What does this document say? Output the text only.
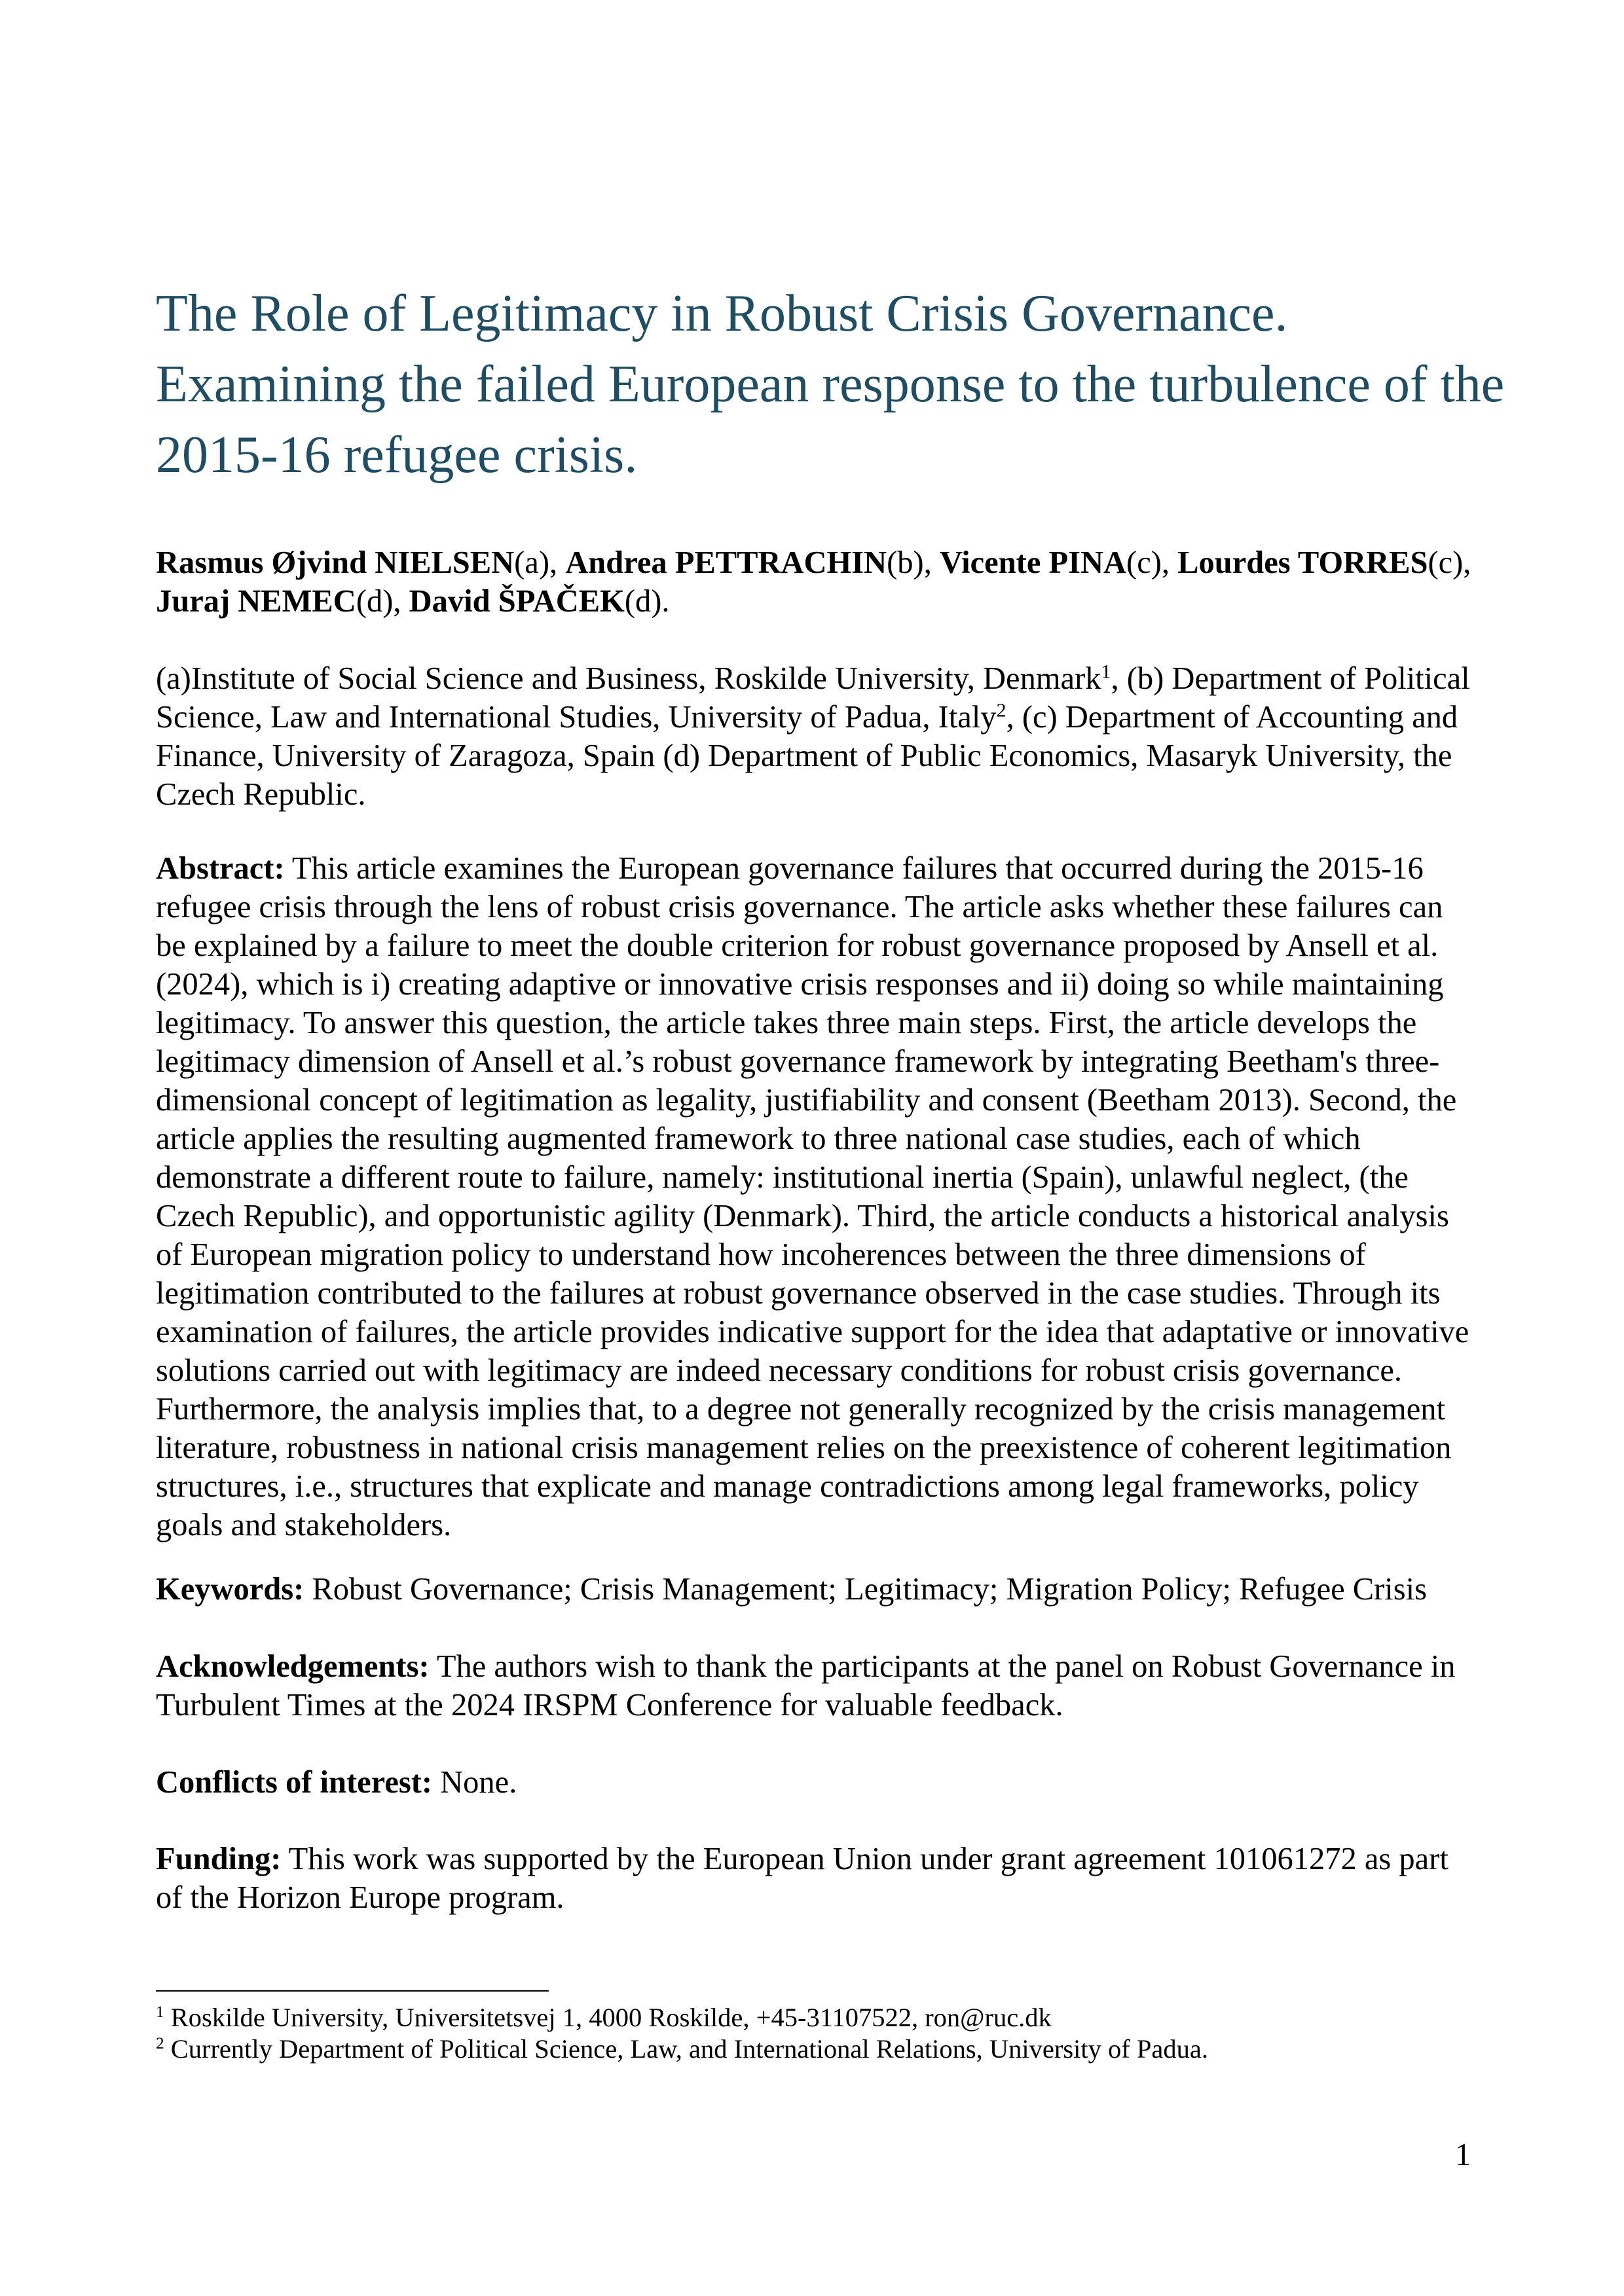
The Role of Legitimacy in Robust Crisis Governance. Examining the failed European response to the turbulence of the 2015-16 refugee crisis.

Rasmus Øjvind NIELSEN(a), Andrea PETTRACHIN(b), Vicente PINA(c), Lourdes TORRES(c), Juraj NEMEC(d), David ŠPAČEK(d).

(a)Institute of Social Science and Business, Roskilde University, Denmark$^1$, (b) Department of Political Science, Law and International Studies, University of Padua, Italy$^2$, (c) Department of Accounting and Finance, University of Zaragoza, Spain (d) Department of Public Economics, Masaryk University, the Czech Republic.

Abstract: This article examines the European governance failures that occurred during the 2015-16 refugee crisis through the lens of robust crisis governance. The article asks whether these failures can be explained by a failure to meet the double criterion for robust governance proposed by Ansell et al. (2024), which is i) creating adaptive or innovative crisis responses and ii) doing so while maintaining legitimacy. To answer this question, the article takes three main steps. First, the article develops the legitimacy dimension of Ansell et al.’s robust governance framework by integrating Beetham's three-dimensional concept of legitimation as legality, justifiability and consent (Beetham 2013). Second, the article applies the resulting augmented framework to three national case studies, each of which demonstrate a different route to failure, namely: institutional inertia (Spain), unlawful neglect, (the Czech Republic), and opportunistic agility (Denmark). Third, the article conducts a historical analysis of European migration policy to understand how incoherences between the three dimensions of legitimation contributed to the failures at robust governance observed in the case studies. Through its examination of failures, the article provides indicative support for the idea that adaptative or innovative solutions carried out with legitimacy are indeed necessary conditions for robust crisis governance. Furthermore, the analysis implies that, to a degree not generally recognized by the crisis management literature, robustness in national crisis management relies on the preexistence of coherent legitimation structures, i.e., structures that explicate and manage contradictions among legal frameworks, policy goals and stakeholders.

Keywords: Robust Governance; Crisis Management; Legitimacy; Migration Policy; Refugee Crisis

Acknowledgements: The authors wish to thank the participants at the panel on Robust Governance in Turbulent Times at the 2024 IRSPM Conference for valuable feedback.

Conflicts of interest: None.

Funding: This work was supported by the European Union under grant agreement 101061272 as part of the Horizon Europe program.

$^1$ Roskilde University, Universitetsvej 1, 4000 Roskilde, +45-31107522, ron@ruc.dk

$^2$ Currently Department of Political Science, Law, and International Relations, University of Padua.

1
